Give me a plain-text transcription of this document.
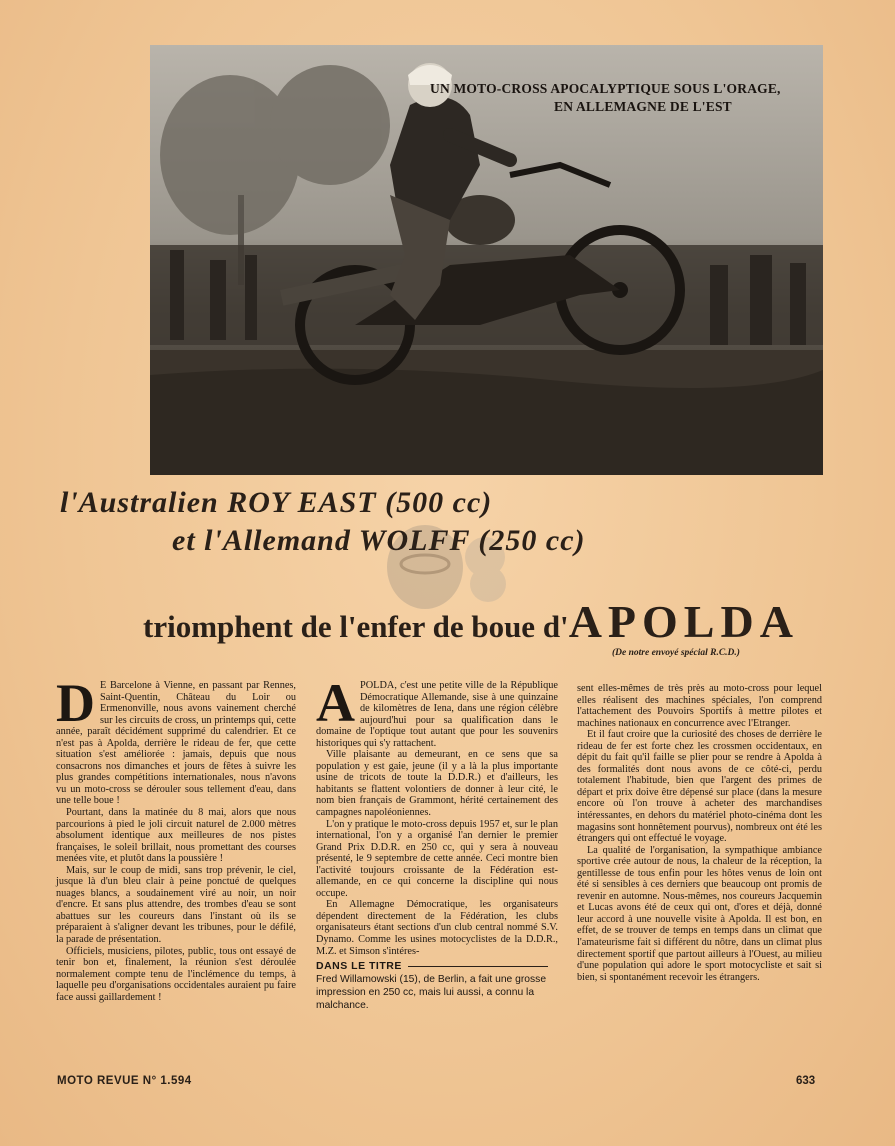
UN MOTO-CROSS APOCALYPTIQUE SOUS L'ORAGE,
EN ALLEMAGNE DE L'EST
l'Australien ROY EAST (500 cc)
et l'Allemand WOLFF (250 cc)
triomphent de l'enfer de boue d'APOLDA
(De notre envoyé spécial R.C.D.)

D E Barcelone à Vienne, en passant par Rennes, Saint-Quentin, Château du Loir ou Ermenonville, nous avons vainement cherché sur les circuits de cross, un printemps qui, cette année, paraît décidément supprimé du calendrier. Et ce n'est pas à Apolda, derrière le rideau de fer, que cette situation s'est améliorée : jamais, depuis que nous consacrons nos dimanches et jours de fêtes à suivre les plus grandes compétitions internationales, nous n'avons vu un moto-cross se dérouler sous tellement d'eau, dans une telle boue !

Pourtant, dans la matinée du 8 mai, alors que nous parcourions à pied le joli circuit naturel de 2.000 mètres absolument identique aux meilleures de nos pistes françaises, le soleil brillait, nous promettant des courses menées vite, et plutôt dans la poussière !

Mais, sur le coup de midi, sans trop prévenir, le ciel, jusque là d'un bleu clair à peine ponctué de quelques nuages blancs, a soudainement viré au noir, un noir d'encre. Et sans plus attendre, des trombes d'eau se sont abattues sur les coureurs dans l'instant où ils se préparaient à s'aligner devant les tribunes, pour le défilé, la parade de présentation.

Officiels, musiciens, pilotes, public, tous ont essayé de tenir bon et, finalement, la réunion s'est déroulée normalement compte tenu de l'inclémence du temps, à laquelle peu d'organisations occidentales auraient pu faire face aussi gaillardement !

APOLDA, c'est une petite ville de la République Démocratique Allemande, sise à une quinzaine de kilomètres de Iena, dans une région célèbre aujourd'hui pour sa qualification dans le domaine de l'optique tout autant que pour les souvenirs historiques qui s'y rattachent.

Ville plaisante au demeurant, en ce sens que sa population y est gaie, jeune (il y a là la plus importante usine de tricots de toute la D.D.R.) et d'ailleurs, les habitants se flattent volontiers de donner à leur cité, le nom bien français de Grammont, hérité certainement des campagnes napoléoniennes.

L'on y pratique le moto-cross depuis 1957 et, sur le plan international, l'on y a organisé l'an dernier le premier Grand Prix D.D.R. en 250 cc, qui y sera à nouveau présenté, le 9 septembre de cette année. Ceci montre bien l'activité toujours croissante de la Fédération est-allemande, en ce qui concerne la discipline qui nous occupe.

En Allemagne Démocratique, les organisateurs dépendent directement de la Fédération, les clubs organisateurs étant sections d'un club central nommé S.V. Dynamo. Comme les usines motocyclistes de la D.D.R., M.Z. et Simson s'intéres-

DANS LE TITRE

Fred Willamowski (15), de Berlin, a fait une grosse impression en 250 cc, mais lui aussi, a connu la malchance.

sent elles-mêmes de très près au moto-cross pour lequel elles réalisent des machines spéciales, l'on comprend l'attachement des Pouvoirs Sportifs à mettre pilotes et machines nationaux en concurrence avec l'Etranger.

Et il faut croire que la curiosité des choses de derrière le rideau de fer est forte chez les crossmen occidentaux, en dépit du fait qu'il faille se plier pour se rendre à Apolda à des formalités dont nous avons de ce côté-ci, perdu totalement l'habitude, bien que l'argent des primes de départ et prix doive être dépensé sur place (dans la mesure encore où l'on trouve à acheter des marchandises intéressantes, en dehors du matériel photo-cinéma dont les magasins sont honnêtement pourvus), nombreux ont été les étrangers qui ont effectué le voyage.

La qualité de l'organisation, la sympathique ambiance sportive crée autour de nous, la chaleur de la réception, la gentillesse de tous enfin pour les hôtes venus de loin ont été si sensibles à ces derniers que beaucoup ont promis de revenir en automne. Nous-mêmes, nos coureurs Jacquemin et Lucas avons été de ceux qui ont, d'ores et déjà, donné leur accord à une nouvelle visite à Apolda. Il est bon, en effet, de se trouver de temps en temps dans un climat que l'amateurisme fait si différent du nôtre, dans un climat plus directement sportif que partout ailleurs à l'Ouest, au milieu d'une population qui adore le sport motocycliste et sait si bien, si spontanément recevoir les étrangers.

MOTO REVUE N° 1.594	633
